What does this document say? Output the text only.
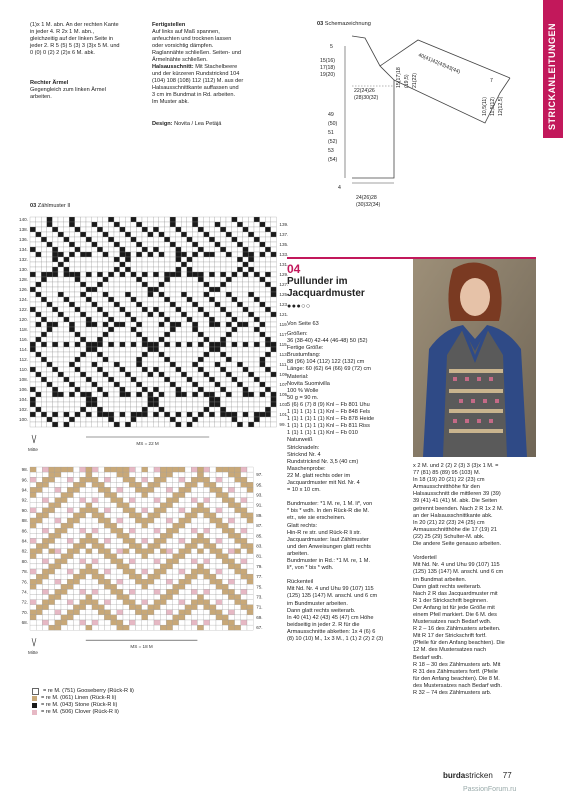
STRICKANLEITUNGEN
(1)x 1 M. abn. An der rechten Kante
in jeder 4. R 2x 1 M. abn.,
gleichzeitig auf der linken Seite in
jeder 2. R 5 (5) 5 (3) 3 (3)x 5 M. und
0 (0) 0 (2) 2 (2)x 6 M. abk.
Rechter Ärmel
Gegengleich zum linken Ärmel
arbeiten.
Fertigstellen
Auf links auf Maß spannen,
anfeuchten und trocknen lassen
oder vorsichtig dämpfen.
Raglannähte schließen. Seiten- und
Ärmelnähte schließen.
Halsausschnitt: Mit Stachelbeere
und der kürzeren Rundstricknd 104
(104) 108 (108) 112 (112) M. aus der
Halsausschnittkante auffassen und
3 cm im Bundmat in Rd. arbeiten.
Im Muster abk.
Design: Novita / Lea Petäjä
03 Schemazeichnung
5
15(16)
17(18)
19(20)
49
(50)
51
(52)
53
(54)
4
22(24)26
(28)30(32)
15(17)18 (19,5) 21(22)
40(41)42(43)43(44)
7
10,5(11) 11,5(12) 12(12,5)
24(26)28
(30)32(34)
03 Zählmuster II
140.
139.
138.
137.
136.
135.
134.
133.
132.
131.
130.
129.
128.
127.
126.
125.
124.
123.
122.
121.
120.
119.
118.
117.
116.
115.
114.
113.
112.
111.
110.
109.
108.
107.
106.
105.
104.
103.
102.
101.
100.
99.
MS = 22 M
Mitte
98.
97.
96.
95.
94.
93.
92.
91.
90.
89.
88.
87.
86.
85.
84.
83.
82.
81.
80.
79.
78.
77.
76.
75.
74.
73.
72.
71.
70.
69.
68.
67.
MS = 18 M
Mitte
= re M. (751) Gooseberry (Rück-R li)
= re M. (061) Linen (Rück-R li)
= re M. (043) Stone (Rück-R li)
= re M. (506) Clover (Rück-R li)
04
Pullunder im
Jacquardmuster
●●●○○
Von Seite 63
Größen:
36 (38-40) 42-44 (46-48) 50 (52)
Fertige Größe:
Brustumfang:
88 (96) 104 (112) 122 (132) cm
Länge: 60 (62) 64 (66) 69 (72) cm
Material:
Novita Suomivilla
100 % Wolle
50 g = 90 m.
5 (6) 6 (7) 8 (9) Knl – Fb 801 Uhu
1 (1) 1 (1) 1 (1) Knl – Fb 848 Fels
1 (1) 1 (1) 1 (1) Knl – Fb 878 Heide
1 (1) 1 (1) 1 (1) Knl – Fb 811 Riss
1 (1) 1 (1) 1 (1) Knl – Fb 010
Naturweiß
Stricknadeln:
Stricknd Nr. 4
Rundstricknd Nr. 3,5 (40 cm)
Maschenprobe:
22 M. glatt rechts oder im
Jacquardmuster mit Nd. Nr. 4
= 10 x 10 cm.

Bundmuster: *1 M. re, 1 M. li*, von
* bis * wdh. In den Rück-R die M.
etr., wie sie erscheinen.
Glatt rechts:
Hin-R re str. und Rück-R li str.
Jacquardmuster: laut Zählmuster
und den Anweisungen glatt rechts
arbeiten.
Bundmuster in Rd.: *1 M. re, 1 M.
li*, von * bis * wdh.

Rückenteil
Mit Nd. Nr. 4 und Uhu 99 (107) 115
(125) 135 (147) M. anschl. und 6 cm
im Bundmuster arbeiten.
Dann glatt rechts weiterarb.
In 40 (41) 42 (43) 45 (47) cm Höhe
beidseitig in jeder 2. R für die
Armausschnitte abketten: 1x 4 (6) 6
(8) 10 (10) M., 1x 3 M., 1 (1) 2 (2) 2 (3)
x 2 M. und 2 (2) 2 (3) 3 (3)x 1 M. =
77 (81) 85 (89) 95 (103) M.
In 18 (19) 20 (21) 22 (23) cm
Armausschnitthöhe für den
Halsausschnitt die mittleren 39 (39)
39 (41) 41 (41) M. abk. Die Seiten
getrennt beenden. Nach 2 R 1x 2 M.
an der Halsausschnittkante abk.
In 20 (21) 22 (23) 24 (25) cm
Armausschnitthöhe die 17 (19) 21
(22) 25 (29) Schulter-M. abk.
Die andere Seite genauso arbeiten.

Vorderteil
Mit Nd. Nr. 4 und Uhu 99 (107) 115
(125) 135 (147) M. anschl. und 6 cm
im Bundmat arbeiten.
Dann glatt rechts weiterarb.
Nach 2 R das Jacquardmuster mit
R 1 der Strickschrift beginnen.
Der Anfang ist für jede Größe mit
einem Pfeil markiert. Die 6 M. des
Mustersatzes nach Bedarf wdh.
R 2 – 16 des Zählmusters arbeiten.
Mit R 17 der Strickschrift fortf.
(Pfeile für den Anfang beachten). Die
12 M. des Mustersatzes nach
Bedarf wdh.
R 18 – 30 des Zählmusters arb. Mit
R 31 des Zählmusters fortf. (Pfeile
für den Anfang beachten). Die 8 M.
des Mustersatzes nach Bedarf wdh.
R 32 – 74 des Zählmusters arb.
burdastricken 77
PassionForum.ru
